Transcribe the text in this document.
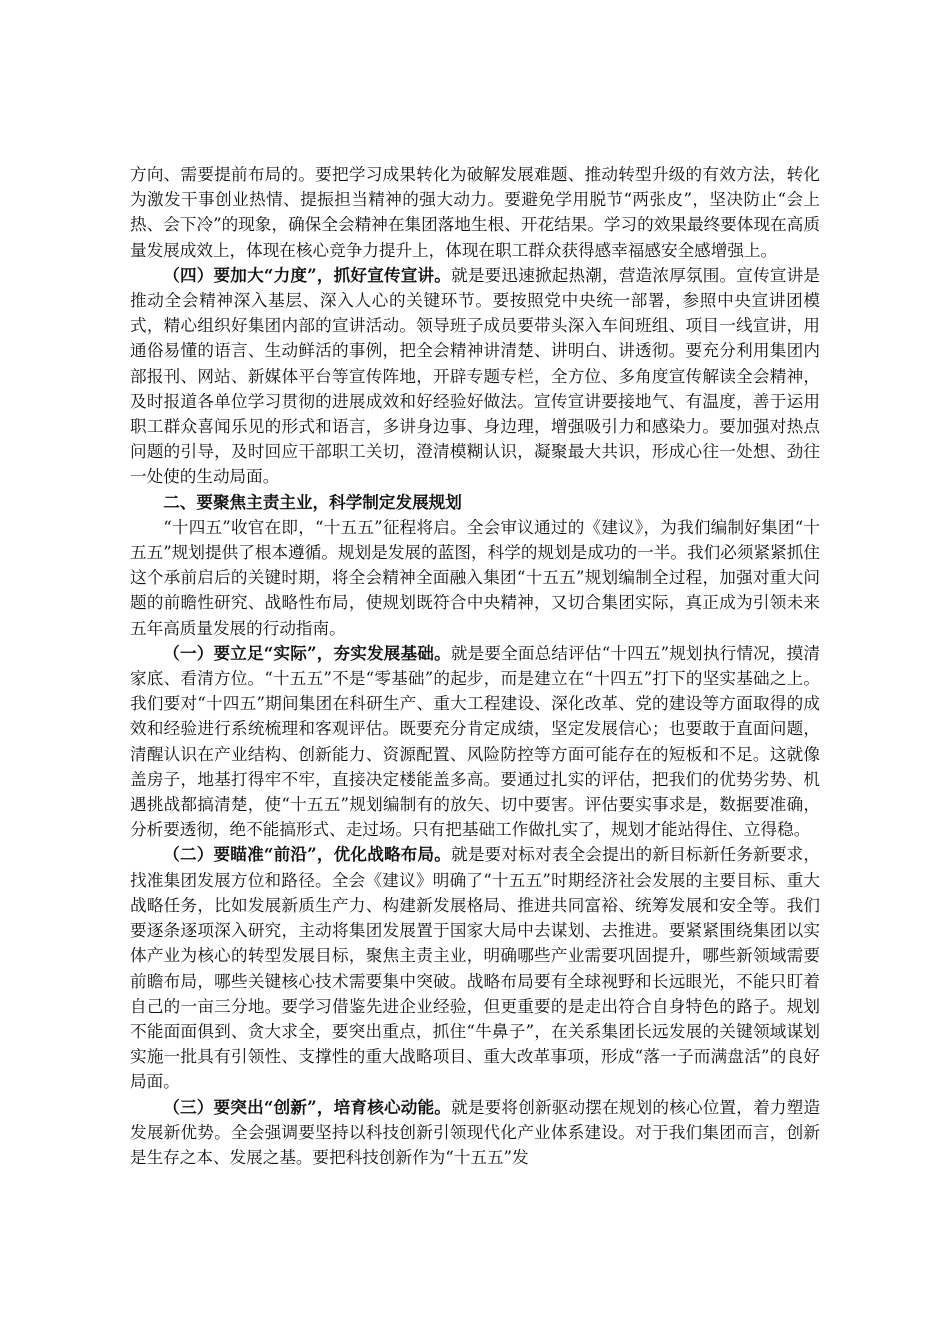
方向、需要提前布局的。要把学习成果转化为破解发展难题、推动转型升级的有效方法，转化为激发干事创业热情、提振担当精神的强大动力。要避免学用脱节“两张皮”，坚决防止“会上热、会下冷”的现象，确保全会精神在集团落地生根、开花结果。学习的效果最终要体现在高质量发展成效上，体现在核心竞争力提升上，体现在职工群众获得感幸福感安全感增强上。

（四）要加大“力度”，抓好宣传宣讲。就是要迅速掀起热潮，营造浓厚氛围。宣传宣讲是推动全会精神深入基层、深入人心的关键环节。要按照党中央统一部署，参照中央宣讲团模式，精心组织好集团内部的宣讲活动。领导班子成员要带头深入车间班组、项目一线宣讲，用通俗易懂的语言、生动鲜活的事例，把全会精神讲清楚、讲明白、讲透彻。要充分利用集团内部报刊、网站、新媒体平台等宣传阵地，开辟专题专栏，全方位、多角度宣传解读全会精神，及时报道各单位学习贯彻的进展成效和好经验好做法。宣传宣讲要接地气、有温度，善于运用职工群众喜闻乐见的形式和语言，多讲身边事、身边理，增强吸引力和感染力。要加强对热点问题的引导，及时回应干部职工关切，澄清模糊认识，凝聚最大共识，形成心往一处想、劲往一处使的生动局面。

二、要聚焦主责主业，科学制定发展规划

“十四五”收官在即，“十五五”征程将启。全会审议通过的《建议》，为我们编制好集团“十五五”规划提供了根本遵循。规划是发展的蓝图，科学的规划是成功的一半。我们必须紧紧抓住这个承前启后的关键时期，将全会精神全面融入集团“十五五”规划编制全过程，加强对重大问题的前瞻性研究、战略性布局，使规划既符合中央精神，又切合集团实际，真正成为引领未来五年高质量发展的行动指南。

（一）要立足“实际”，夯实发展基础。就是要全面总结评估“十四五”规划执行情况，摸清家底、看清方位。“十五五”不是“零基础”的起步，而是建立在“十四五”打下的坚实基础之上。我们要对“十四五”期间集团在科研生产、重大工程建设、深化改革、党的建设等方面取得的成效和经验进行系统梳理和客观评估。既要充分肯定成绩，坚定发展信心；也要敢于直面问题，清醒认识在产业结构、创新能力、资源配置、风险防控等方面可能存在的短板和不足。这就像盖房子，地基打得牢不牢，直接决定楼能盖多高。要通过扎实的评估，把我们的优势劣势、机遇挑战都搞清楚，使“十五五”规划编制有的放矢、切中要害。评估要实事求是，数据要准确，分析要透彻，绝不能搞形式、走过场。只有把基础工作做扎实了，规划才能站得住、立得稳。

（二）要瞄准“前沿”，优化战略布局。就是要对标对表全会提出的新目标新任务新要求，找准集团发展方位和路径。全会《建议》明确了“十五五”时期经济社会发展的主要目标、重大战略任务，比如发展新质生产力、构建新发展格局、推进共同富裕、统筹发展和安全等。我们要逐条逐项深入研究，主动将集团发展置于国家大局中去谋划、去推进。要紧紧围绕集团以实体产业为核心的转型发展目标，聚焦主责主业，明确哪些产业需要巩固提升，哪些新领域需要前瞻布局，哪些关键核心技术需要集中突破。战略布局要有全球视野和长远眼光，不能只盯着自己的一亩三分地。要学习借鉴先进企业经验，但更重要的是走出符合自身特色的路子。规划不能面面俱到、贪大求全，要突出重点，抓住“牛鼻子”，在关系集团长远发展的关键领域谋划实施一批具有引领性、支撑性的重大战略项目、重大改革事项，形成“落一子而满盘活”的良好局面。

（三）要突出“创新”，培育核心动能。就是要将创新驱动摆在规划的核心位置，着力塑造发展新优势。全会强调要坚持以科技创新引领现代化产业体系建设。对于我们集团而言，创新是生存之本、发展之基。要把科技创新作为“十五五”发
